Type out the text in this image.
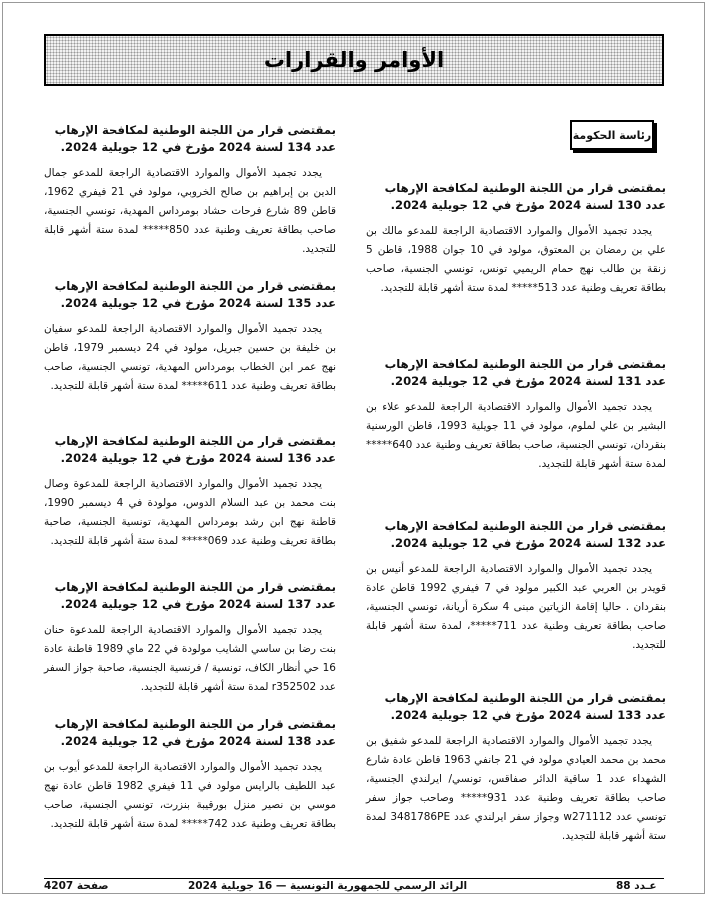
الأوامر والقرارات
رئاسة الحكومة
بمقتضى قرار من اللجنة الوطنية لمكافحة الإرهاب عدد 130 لسنة 2024 مؤرخ في 12 جويلية 2024.

يجدد تجميد الأموال والموارد الاقتصادية الراجعة للمدعو مالك بن علي بن رمضان بن المعتوق، مولود في 10 جوان 1988، قاطن 5 زنقة بن طالب نهج حمام الريميي تونس، تونسي الجنسية، صاحب بطاقة تعريف وطنية عدد 513***** لمدة ستة أشهر قابلة للتجديد.

بمقتضى قرار من اللجنة الوطنية لمكافحة الإرهاب عدد 131 لسنة 2024 مؤرخ في 12 جويلية 2024.

يجدد تجميد الأموال والموارد الاقتصادية الراجعة للمدعو علاء بن البشير بن علي لملوم، مولود في 11 جويلية 1993، قاطن الورسنية بنقردان، تونسي الجنسية، صاحب بطاقة تعريف وطنية عدد 640***** لمدة ستة أشهر قابلة للتجديد.

بمقتضى قرار من اللجنة الوطنية لمكافحة الإرهاب عدد 132 لسنة 2024 مؤرخ في 12 جويلية 2024.

يجدد تجميد الأموال والموارد الاقتصادية الراجعة للمدعو أنيس بن قويدر بن العربي عبد الكبير مولود في 7 فيفري 1992 قاطن عادة بنقردان . حاليا إقامة الزياتين مبنى 4 سكرة أريانة، تونسي الجنسية، صاحب بطاقة تعريف وطنية عدد 711*****، لمدة ستة أشهر قابلة للتجديد.

بمقتضى قرار من اللجنة الوطنية لمكافحة الإرهاب عدد 133 لسنة 2024 مؤرخ في 12 جويلية 2024.

يجدد تجميد الأموال والموارد الاقتصادية الراجعة للمدعو شفيق بن محمد بن محمد العيادي مولود في 21 جانفي 1963 قاطن عادة شارع الشهداء عدد 1 ساقية الدائر صفاقس، تونسي/ ايرلندي الجنسية، صاحب بطاقة تعريف وطنية عدد 931***** وصاحب جواز سفر تونسي عدد w271112 وجواز سفر ايرلندي عدد 3481786PE لمدة ستة أشهر قابلة للتجديد.

بمقتضى قرار من اللجنة الوطنية لمكافحة الإرهاب عدد 134 لسنة 2024 مؤرخ في 12 جويلية 2024.

يجدد تجميد الأموال والموارد الاقتصادية الراجعة للمدعو جمال الدين بن إبراهيم بن صالح الخروبي، مولود في 21 فيفري 1962، قاطن 89 شارع فرحات حشاد بومرداس المهدية، تونسي الجنسية، صاحب بطاقة تعريف وطنية عدد 850***** لمدة ستة أشهر قابلة للتجديد.

بمقتضى قرار من اللجنة الوطنية لمكافحة الإرهاب عدد 135 لسنة 2024 مؤرخ في 12 جويلية 2024.

يجدد تجميد الأموال والموارد الاقتصادية الراجعة للمدعو سفيان بن خليفة بن حسين جبريل، مولود في 24 ديسمبر 1979، قاطن نهج عمر ابن الخطاب بومرداس المهدية، تونسي الجنسية، صاحب بطاقة تعريف وطنية عدد 611***** لمدة ستة أشهر قابلة للتجديد.

بمقتضى قرار من اللجنة الوطنية لمكافحة الإرهاب عدد 136 لسنة 2024 مؤرخ في 12 جويلية 2024.

يجدد تجميد الأموال والموارد الاقتصادية الراجعة للمدعوة وصال بنت محمد بن عبد السلام الدوس، مولودة في 4 ديسمبر 1990، قاطنة نهج ابن رشد بومرداس المهدية، تونسية الجنسية، صاحبة بطاقة تعريف وطنية عدد 069***** لمدة ستة أشهر قابلة للتجديد.

بمقتضى قرار من اللجنة الوطنية لمكافحة الإرهاب عدد 137 لسنة 2024 مؤرخ في 12 جويلية 2024.

يجدد تجميد الأموال والموارد الاقتصادية الراجعة للمدعوة حنان بنت رضا بن ساسي الشايب مولودة في 22 ماي 1989 قاطنة عادة 16 حي أنظار الكاف، تونسية / فرنسية الجنسية، صاحبة جواز السفر عدد r352502 لمدة ستة أشهر قابلة للتجديد.

بمقتضى قرار من اللجنة الوطنية لمكافحة الإرهاب عدد 138 لسنة 2024 مؤرخ في 12 جويلية 2024.

يجدد تجميد الأموال والموارد الاقتصادية الراجعة للمدعو أيوب بن عبد اللطيف بالرايس مولود في 11 فيفري 1982 قاطن عادة نهج موسي بن نصير منزل بورقيبة بنزرت، تونسي الجنسية، صاحب بطاقة تعريف وطنية عدد 742***** لمدة ستة أشهر قابلة للتجديد.

عـدد 88
الرائد الرسمي للجمهورية التونسية — 16 جويلية 2024
صفحة 4207
